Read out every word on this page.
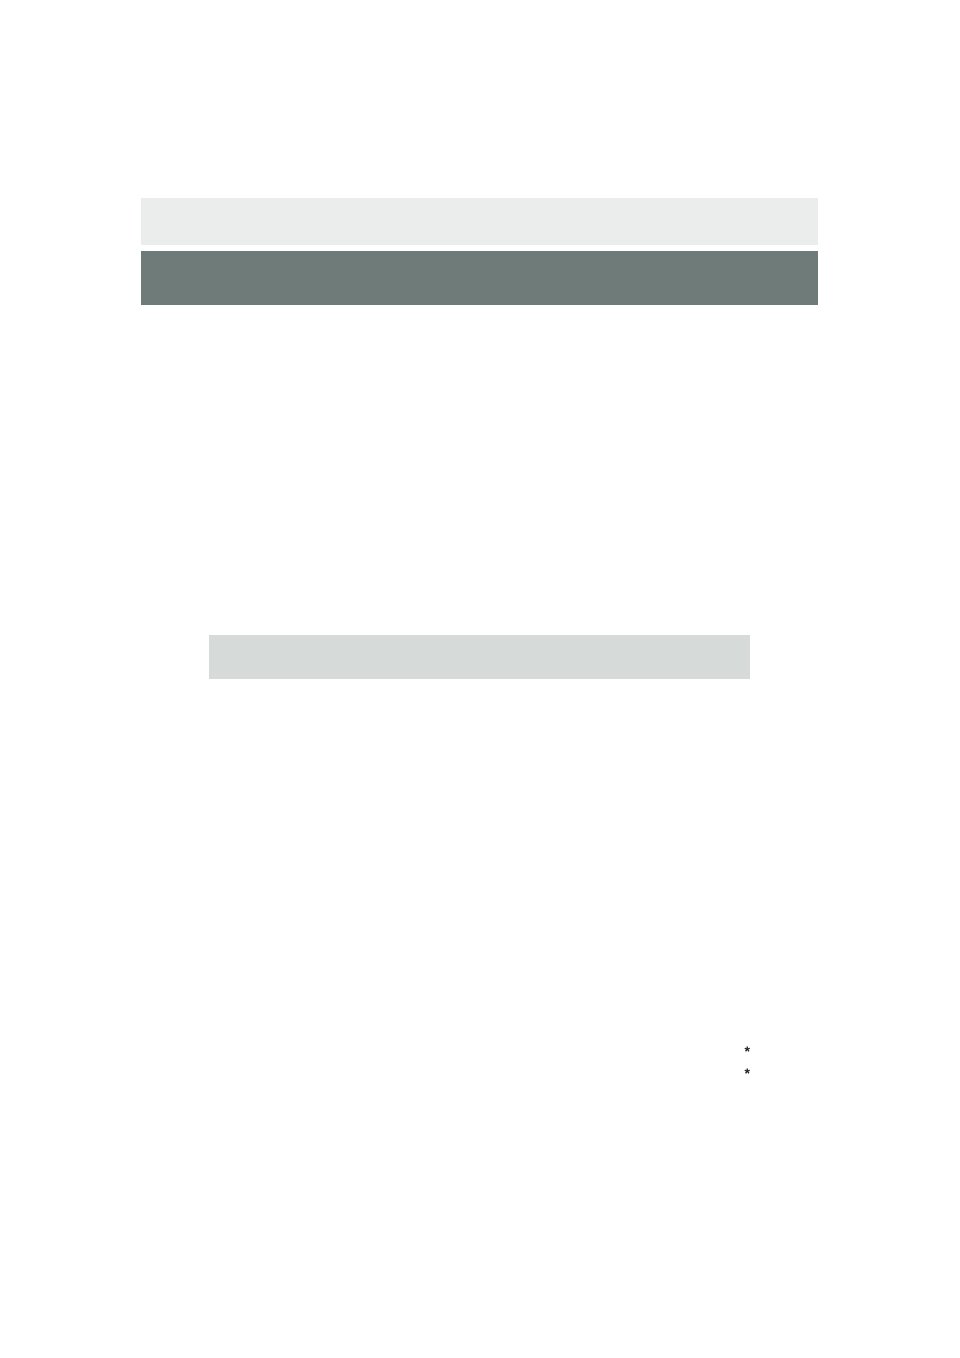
*
*
